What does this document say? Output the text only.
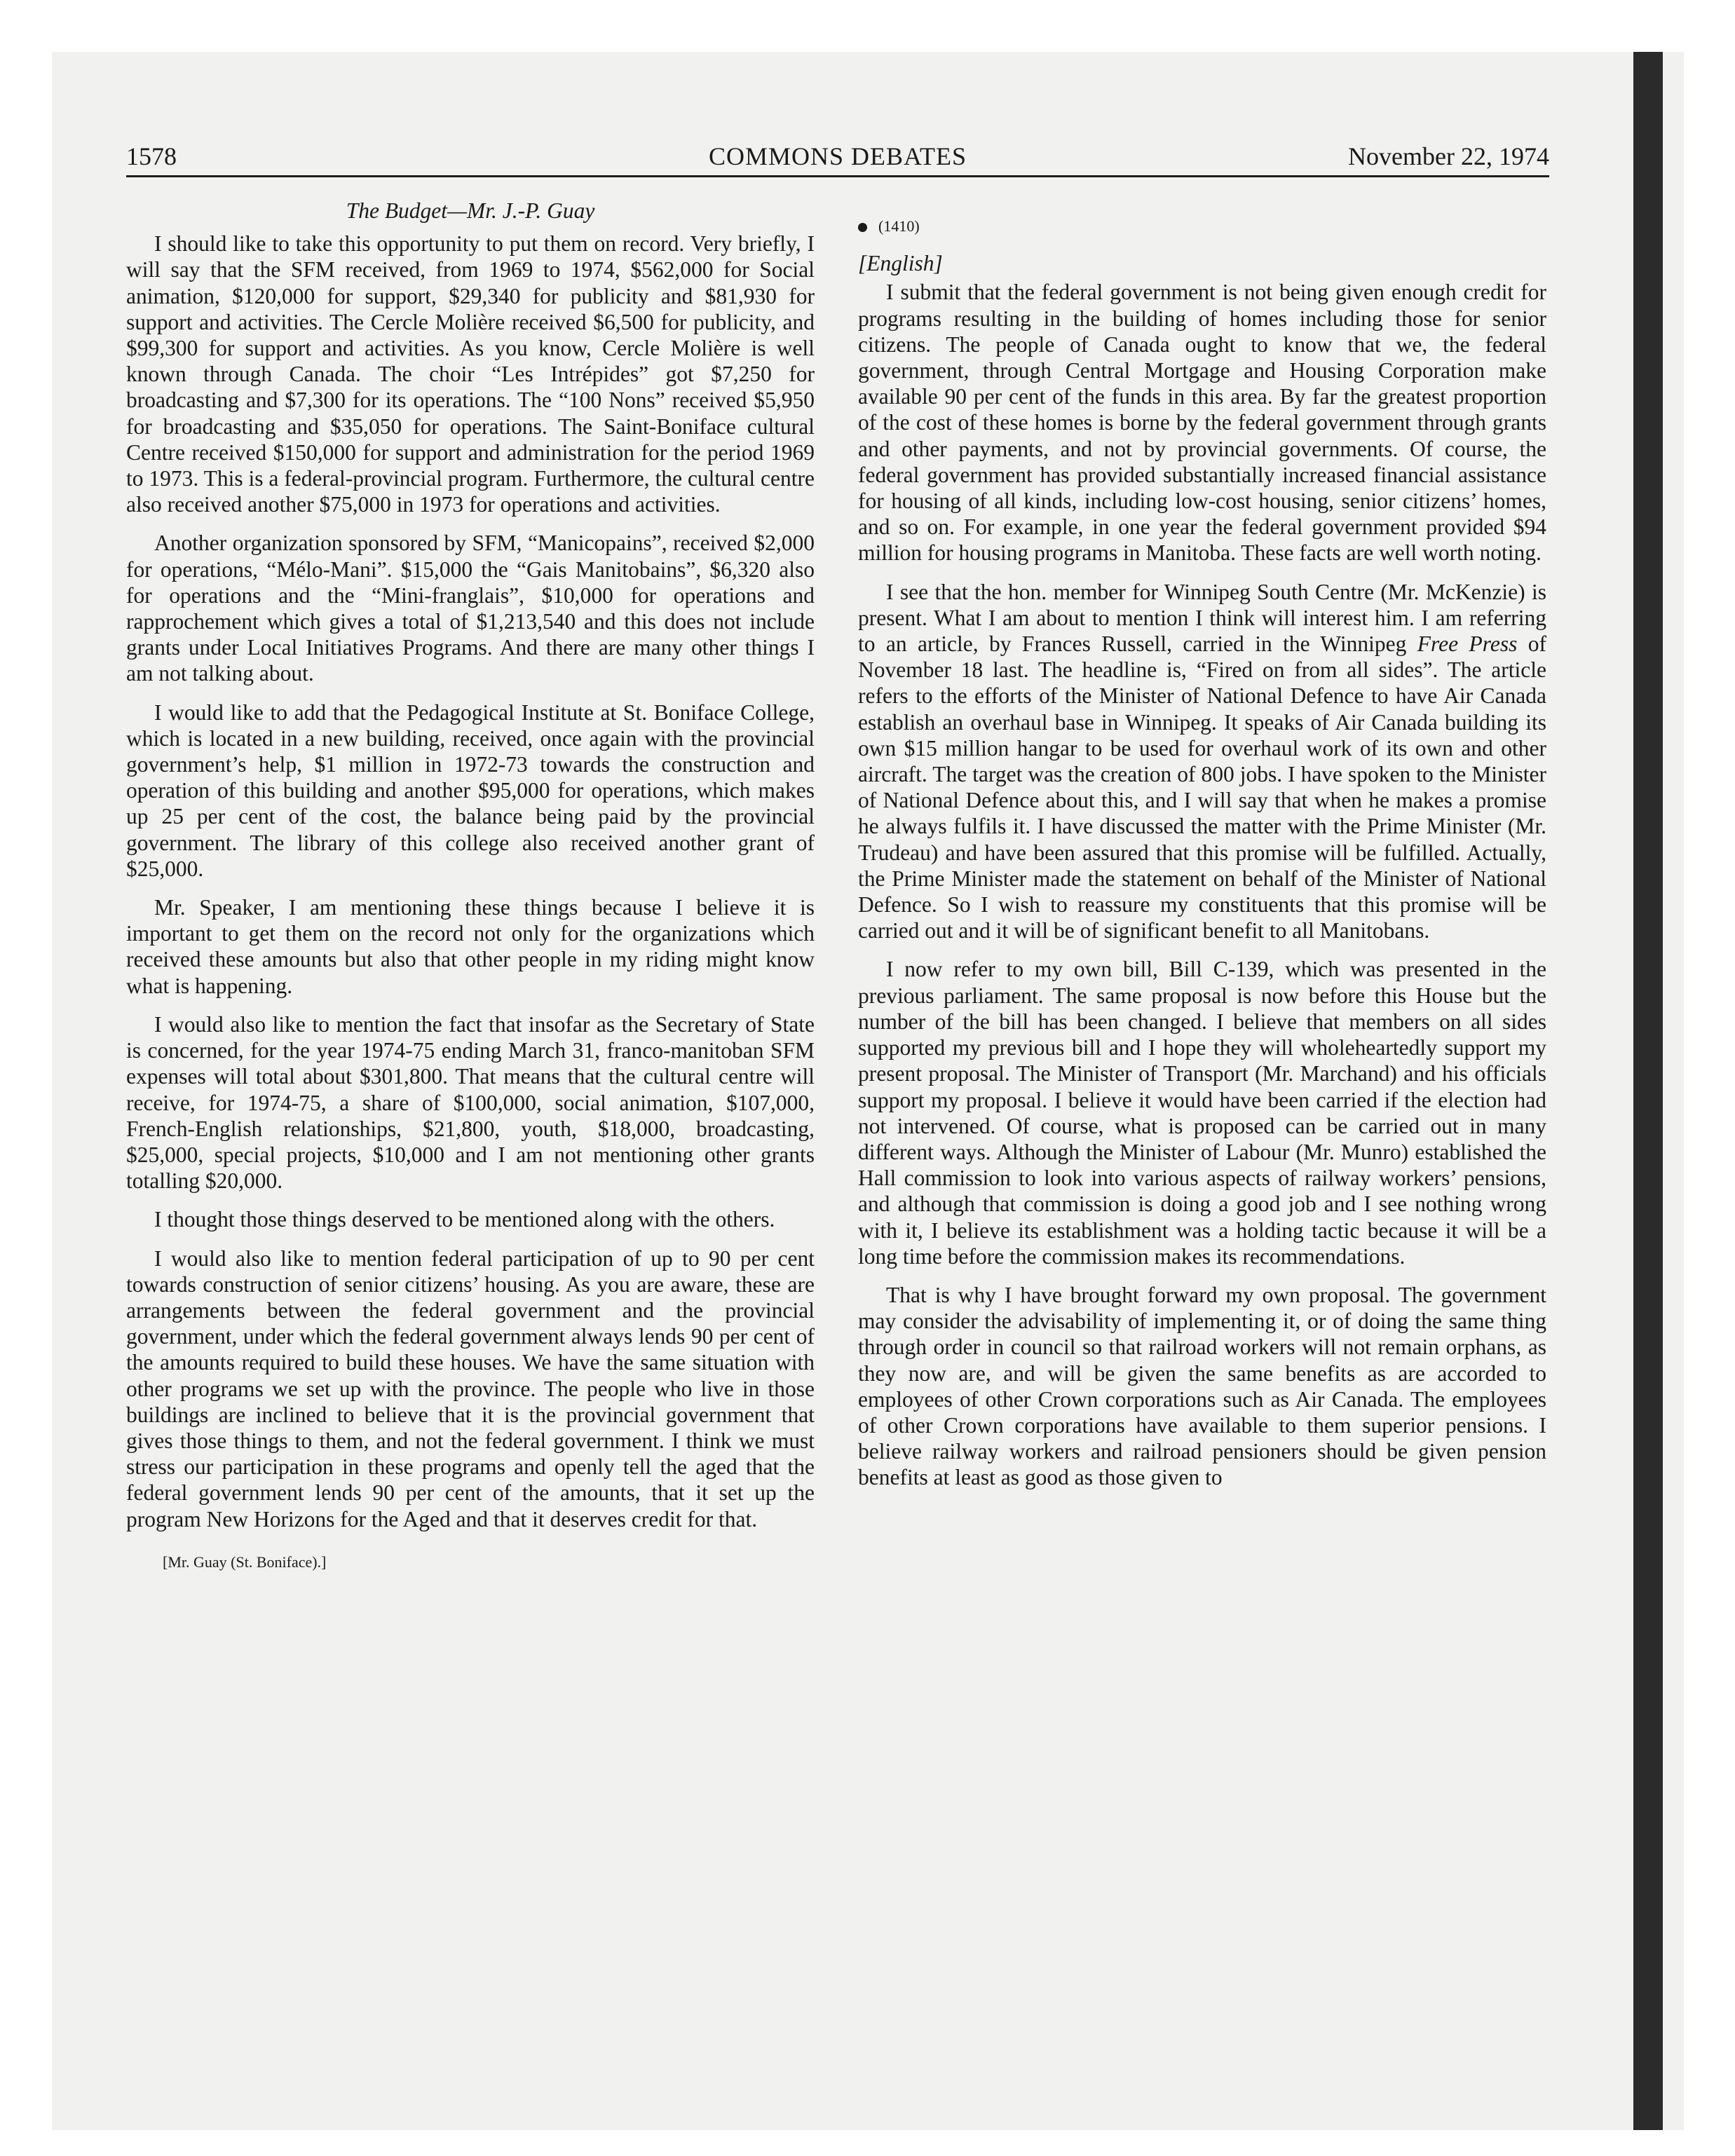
1578	COMMONS DEBATES	November 22, 1974
The Budget—Mr. J.-P. Guay

I should like to take this opportunity to put them on record. Very briefly, I will say that the SFM received, from 1969 to 1974, $562,000 for Social animation, $120,000 for support, $29,340 for publicity and $81,930 for support and activities. The Cercle Molière received $6,500 for publicity, and $99,300 for support and activities. As you know, Cercle Molière is well known through Canada. The choir “Les Intrépides” got $7,250 for broadcasting and $7,300 for its operations. The “100 Nons” received $5,950 for broadcasting and $35,050 for operations. The Saint-Boniface cultural Centre received $150,000 for support and administration for the period 1969 to 1973. This is a federal-provincial program. Furthermore, the cultural centre also received another $75,000 in 1973 for operations and activities.

Another organization sponsored by SFM, “Manicopains”, received $2,000 for operations, “Mélo-Mani”. $15,000 the “Gais Manitobains”, $6,320 also for operations and the “Mini-franglais”, $10,000 for operations and rapprochement which gives a total of $1,213,540 and this does not include grants under Local Initiatives Programs. And there are many other things I am not talking about.

I would like to add that the Pedagogical Institute at St. Boniface College, which is located in a new building, received, once again with the provincial government’s help, $1 million in 1972-73 towards the construction and operation of this building and another $95,000 for operations, which makes up 25 per cent of the cost, the balance being paid by the provincial government. The library of this college also received another grant of $25,000.

Mr. Speaker, I am mentioning these things because I believe it is important to get them on the record not only for the organizations which received these amounts but also that other people in my riding might know what is happening.

I would also like to mention the fact that insofar as the Secretary of State is concerned, for the year 1974-75 ending March 31, franco-manitoban SFM expenses will total about $301,800. That means that the cultural centre will receive, for 1974-75, a share of $100,000, social animation, $107,000, French-English relationships, $21,800, youth, $18,000, broadcasting, $25,000, special projects, $10,000 and I am not mentioning other grants totalling $20,000.

I thought those things deserved to be mentioned along with the others.

I would also like to mention federal participation of up to 90 per cent towards construction of senior citizens’ housing. As you are aware, these are arrangements between the federal government and the provincial government, under which the federal government always lends 90 per cent of the amounts required to build these houses. We have the same situation with other programs we set up with the province. The people who live in those buildings are inclined to believe that it is the provincial government that gives those things to them, and not the federal government. I think we must stress our participation in these programs and openly tell the aged that the federal government lends 90 per cent of the amounts, that it set up the program New Horizons for the Aged and that it deserves credit for that.

[Mr. Guay (St. Boniface).]
(1410)
[English]

I submit that the federal government is not being given enough credit for programs resulting in the building of homes including those for senior citizens. The people of Canada ought to know that we, the federal government, through Central Mortgage and Housing Corporation make available 90 per cent of the funds in this area. By far the greatest proportion of the cost of these homes is borne by the federal government through grants and other payments, and not by provincial governments. Of course, the federal government has provided substantially increased financial assistance for housing of all kinds, including low-cost housing, senior citizens’ homes, and so on. For example, in one year the federal government provided $94 million for housing programs in Manitoba. These facts are well worth noting.

I see that the hon. member for Winnipeg South Centre (Mr. McKenzie) is present. What I am about to mention I think will interest him. I am referring to an article, by Frances Russell, carried in the Winnipeg Free Press of November 18 last. The headline is, “Fired on from all sides”. The article refers to the efforts of the Minister of National Defence to have Air Canada establish an overhaul base in Winnipeg. It speaks of Air Canada building its own $15 million hangar to be used for overhaul work of its own and other aircraft. The target was the creation of 800 jobs. I have spoken to the Minister of National Defence about this, and I will say that when he makes a promise he always fulfils it. I have discussed the matter with the Prime Minister (Mr. Trudeau) and have been assured that this promise will be fulfilled. Actually, the Prime Minister made the statement on behalf of the Minister of National Defence. So I wish to reassure my constituents that this promise will be carried out and it will be of significant benefit to all Manitobans.

I now refer to my own bill, Bill C-139, which was presented in the previous parliament. The same proposal is now before this House but the number of the bill has been changed. I believe that members on all sides supported my previous bill and I hope they will wholeheartedly support my present proposal. The Minister of Transport (Mr. Marchand) and his officials support my proposal. I believe it would have been carried if the election had not intervened. Of course, what is proposed can be carried out in many different ways. Although the Minister of Labour (Mr. Munro) established the Hall commission to look into various aspects of railway workers’ pensions, and although that commission is doing a good job and I see nothing wrong with it, I believe its establishment was a holding tactic because it will be a long time before the commission makes its recommendations.

That is why I have brought forward my own proposal. The government may consider the advisability of implementing it, or of doing the same thing through order in council so that railroad workers will not remain orphans, as they now are, and will be given the same benefits as are accorded to employees of other Crown corporations such as Air Canada. The employees of other Crown corporations have available to them superior pensions. I believe railway workers and railroad pensioners should be given pension benefits at least as good as those given to
